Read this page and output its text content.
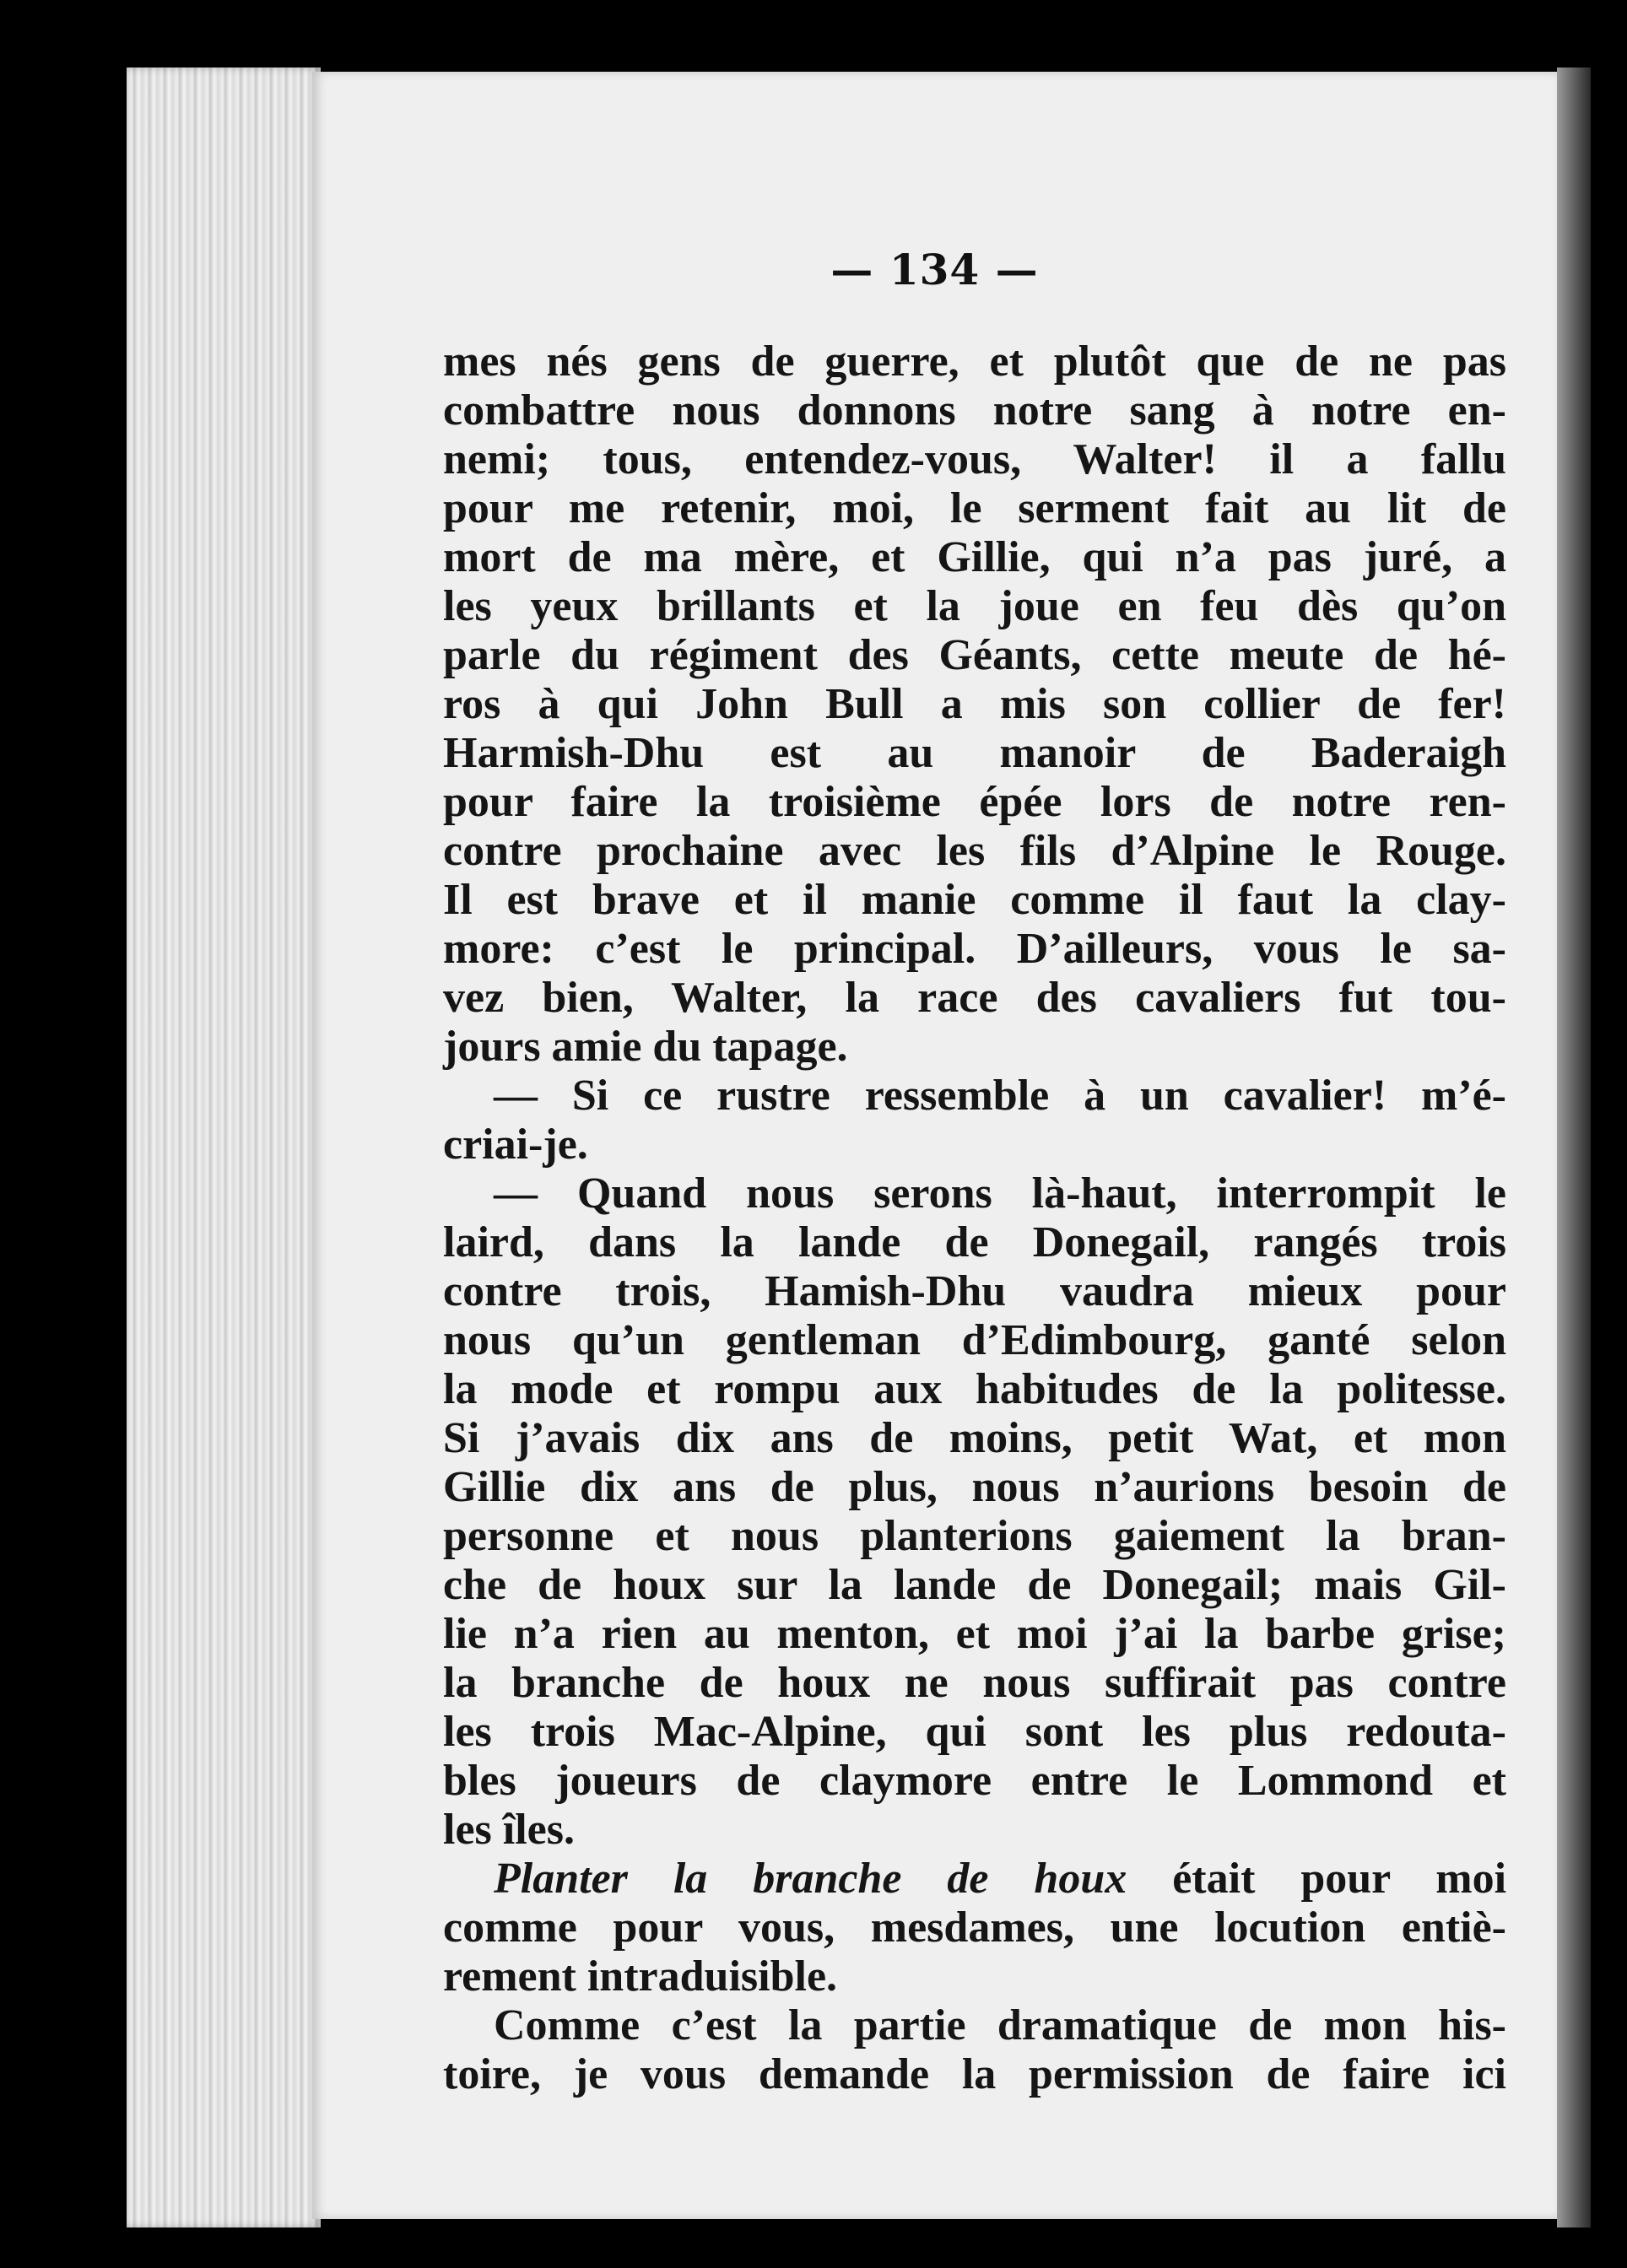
— 134 —
mes nés gens de guerre, et plutôt que de ne pas
combattre nous donnons notre sang à notre en-
nemi; tous, entendez-vous, Walter! il a fallu
pour me retenir, moi, le serment fait au lit de
mort de ma mère, et Gillie, qui n’a pas juré, a
les yeux brillants et la joue en feu dès qu’on
parle du régiment des Géants, cette meute de hé-
ros à qui John Bull a mis son collier de fer!
Harmish-Dhu est au manoir de Baderaigh
pour faire la troisième épée lors de notre ren-
contre prochaine avec les fils d’Alpine le Rouge.
Il est brave et il manie comme il faut la clay-
more: c’est le principal. D’ailleurs, vous le sa-
vez bien, Walter, la race des cavaliers fut tou-
jours amie du tapage.
— Si ce rustre ressemble à un cavalier! m’é-
criai-je.
— Quand nous serons là-haut, interrompit le
laird, dans la lande de Donegail, rangés trois
contre trois, Hamish-Dhu vaudra mieux pour
nous qu’un gentleman d’Edimbourg, ganté selon
la mode et rompu aux habitudes de la politesse.
Si j’avais dix ans de moins, petit Wat, et mon
Gillie dix ans de plus, nous n’aurions besoin de
personne et nous planterions gaiement la bran-
che de houx sur la lande de Donegail; mais Gil-
lie n’a rien au menton, et moi j’ai la barbe grise;
la branche de houx ne nous suffirait pas contre
les trois Mac-Alpine, qui sont les plus redouta-
bles joueurs de claymore entre le Lommond et
les îles.
Planter la branche de houx était pour moi
comme pour vous, mesdames, une locution entiè-
rement intraduisible.
Comme c’est la partie dramatique de mon his-
toire, je vous demande la permission de faire ici
